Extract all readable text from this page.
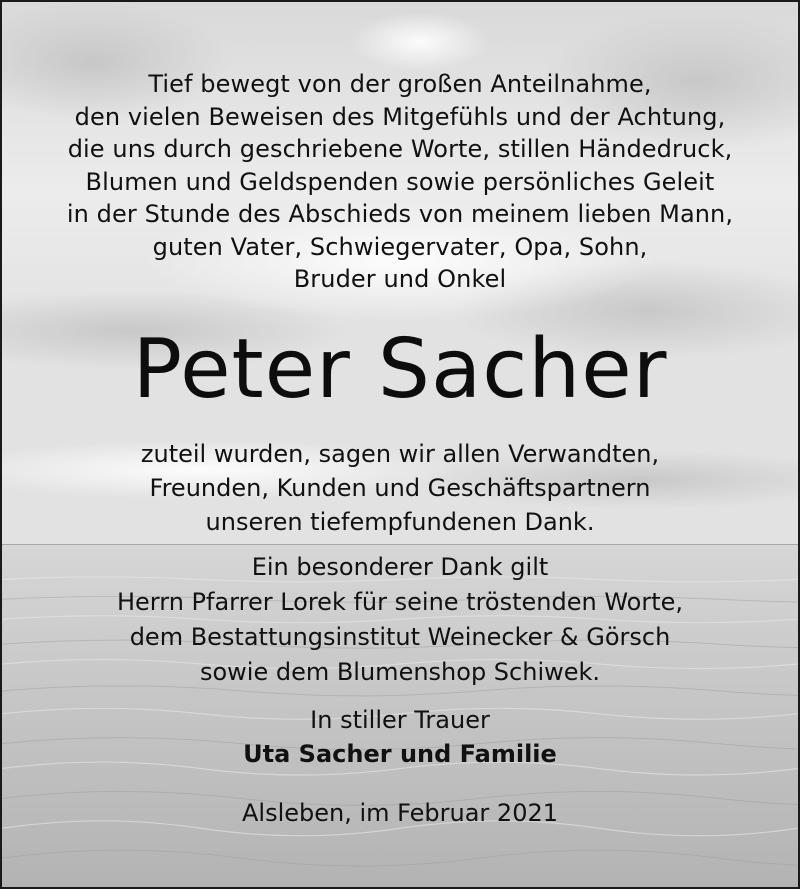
Tief bewegt von der großen Anteilnahme,
den vielen Beweisen des Mitgefühls und der Achtung,
die uns durch geschriebene Worte, stillen Händedruck,
Blumen und Geldspenden sowie persönliches Geleit
in der Stunde des Abschieds von meinem lieben Mann,
guten Vater, Schwiegervater, Opa, Sohn,
Bruder und Onkel

Peter Sacher

zuteil wurden, sagen wir allen Verwandten,
Freunden, Kunden und Geschäftspartnern
unseren tiefempfundenen Dank.

Ein besonderer Dank gilt
Herrn Pfarrer Lorek für seine tröstenden Worte,
dem Bestattungsinstitut Weinecker & Görsch
sowie dem Blumenshop Schiwek.

In stiller Trauer
Uta Sacher und Familie

Alsleben, im Februar 2021
